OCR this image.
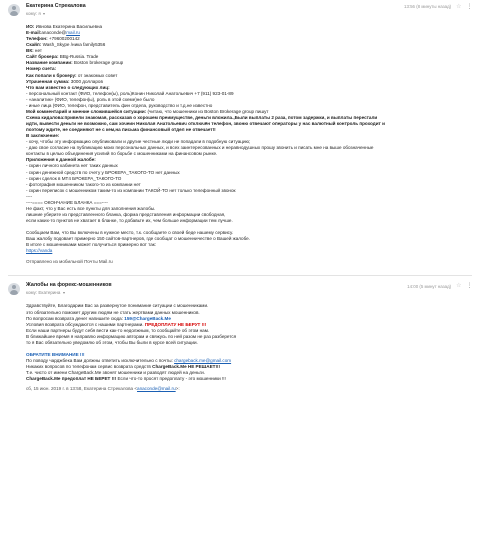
Екатерина Стрекалова
кому: я
13:56 (8 минуты назад) ☆ ⋮

ИО: Ивнова Екатерина Васильевна

E-mail:anaconde@mail.ru

Телефон: +79600200142

Скайп: Wash_Skype /ника family5356

ВК: нет

Сайт брокера: BBg-Russia. Trade

Название компании: Boston brokerage group

Номер счета:

Как попали к брокеру: от знакомых совет

Утраченная сумма: 3000 долларов

Что вам известно о следующих лиц:

- персональный контакт (ФИО, телефон(ы), роль)Конин Николай Анатольевич +7 (911) 923-01-89

- «аналитик» (ФИО, телефон(ы), роль в этой схеме)не было

- иные лица (ФИО, телефон, представитель фин отдела, руководство и т.д.не известно

Мой комментарий и мнение сложившейся ситуации: (читаю, что мошенники из Boston Brokerage group пишут

Схема кидалова:привели знакомая, рассказав о хорошем преимуществе, деньги вложила.,Были выплаты 2 раза, потом задержки, и выплаты перестали

идти, вывести деньги не возможно, сам хочеин Николая Анатольевич отключён телефон, звоню отвечают операторы у нас валютный контроль проходит и

поэтому ждите, не соединяют не с кем,на письма финансовый отдел не отвечает!!

В заключение:

- хочу, чтобы эту информацию опубликовали и другие честные люди не попадали в подобную ситуацию;

- даю свое согласие на публикацию моих персональных данных, и всех заинтересованных и неравнодушных прошу звонить и писать мне на выше обозначенные

контакты в целью объединения усилий по борьбе с мошенниками на финансовом рынке.

Приложения к данной жалобе:

- скрин личного кабинета нет таких данных

- скрин денежной средств по счету у БРОКЕРА_ТАКОГО-ТО нет данных

- скрин сделок в МТ4 БРОКЕРА_ТАКОГО-ТО

- фотография мошенником такого-то из компании нет

- скрин переписок с мошенником таким-то из компании ТАКОЙ-ТО нет только телефонный звонок

----

----==== ОКОНЧАНИЕ БЛАНКА ===----

Не факт, что у Вас есть все пункты для заполнения жалобы.

лишние уберите из представленного бланка, форма представления информации свободная,

если каких-то пунктов не хватает в бланке, то добавьте их, чем больше информации тем лучше.

Сообщаем Вам, что Вы включены в нужное место, т.к. сообщаете о своей беде нашему сервису.

Ваш жалобу подовает примерно 150 сайтов-партнеров, где сообщат о мошенничестве о Вашей жалобе.

В итоге с мошенниками может получиться примерно вот так:

https://vanda

Отправлено из мобильной Почты Mail.ru
Жалобы на форекс-мошенников
кому: Екатерина
14:00 (5 минут назад) ☆ ⋮

Здравствуйте, Благодарим Вас за развернутое понимание ситуации с мошенниками.

это обязательно поможет другим людям не стать жертвами данных мошенников.

По вопросам возврата денег напишите сюда: 159@ChargeBack.Me

Условия возврата обсуждаются с нашими партнерами. ПРЕДОПЛАТУ НЕ БЕРУТ !!!

Если наши партнеры будут себя вести как-то недолжным, то сообщайте об этом нам.

В ближайшее время я направлю информацию авторам и свяжусь по ней разом не раз разберется

то я Вас обязательно уведомлю об этом, чтобы Вы были в курсе всей ситуации.

ОБРАТИТЕ ВНИМАНИЕ !!!

По поводу чарджбека Вам должны ответить исключительно с почты: chargeback.me@gmail.com

Никаких вопросов по телефонам сервис возврата средств ChargeBack.Me НЕ РЕШАЕТ!!!

Т.е. чисто от имени ChargeBack.Me звонят мошенники и разводят людей на деньги.

ChargeBack.Me предоплат НЕ БЕРЕТ !!! Если что-то просят предоплату - это мошенники !!!

сб, 15 июн. 2019 г. в 13:58, Екатерина Стрекалова <anaconde@mail.ru>:
